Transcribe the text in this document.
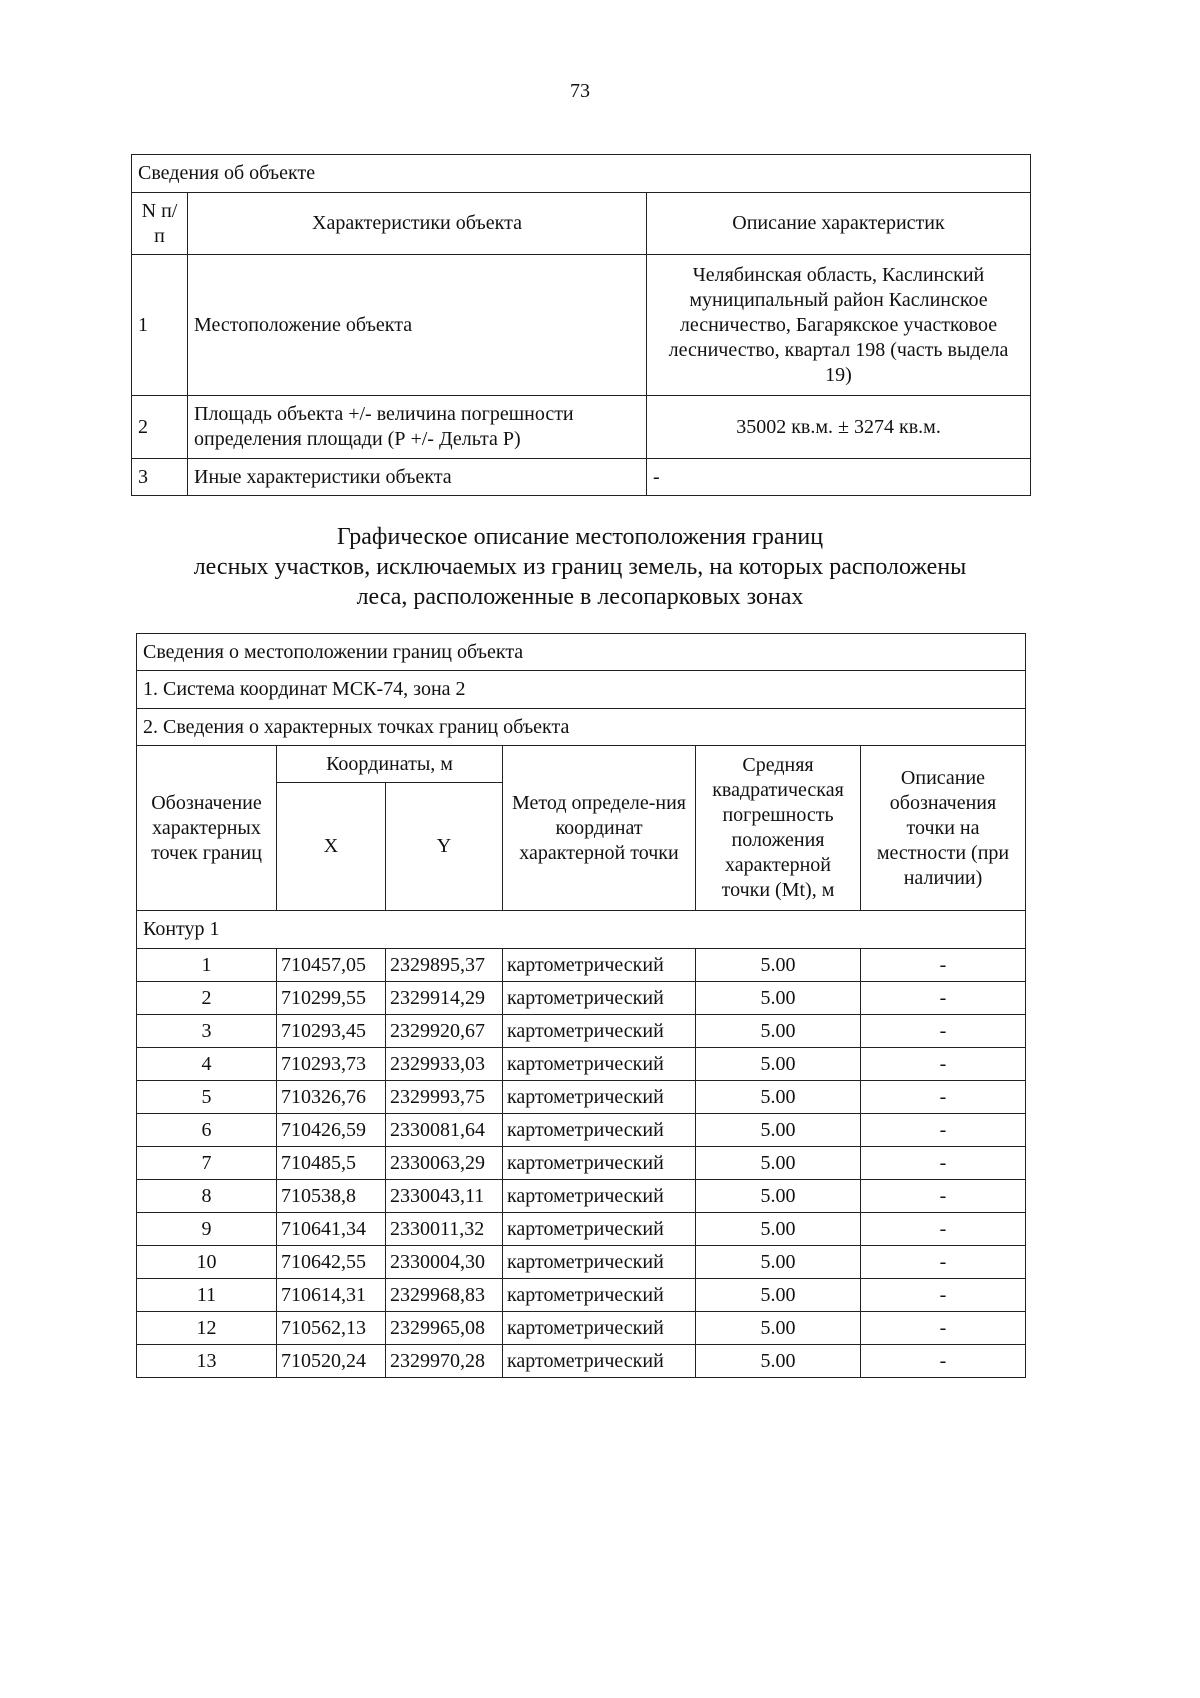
73
Сведения об объекте		
N п/п	Характеристики объекта	Описание характеристик
1	Местоположение объекта	Челябинская область, Каслинский муниципальный район Каслинское лесничество, Багарякское участковое лесничество, квартал 198 (часть выдела 19)
2	Площадь объекта +/- величина погрешности определения площади (Р +/- Дельта Р)	35002 кв.м. ± 3274 кв.м.
3	Иные характеристики объекта	-
Графическое описание местоположения границ
лесных участков, исключаемых из границ земель, на которых расположены
леса, расположенные в лесопарковых зонах
Сведения о местоположении границ объекта					
1. Система координат МСК-74, зона 2					
2. Сведения о характерных точках границ объекта					
Обозначение характерных точек границ	Координаты, м		Метод определе-ния координат характерной точки	Средняя квадратическая погрешность положения характерной точки (Mt), м	Описание обозначения точки на местности (при наличии)
	X	Y			
Контур 1					
1	710457,05	2329895,37	картометрический	5.00	-
2	710299,55	2329914,29	картометрический	5.00	-
3	710293,45	2329920,67	картометрический	5.00	-
4	710293,73	2329933,03	картометрический	5.00	-
5	710326,76	2329993,75	картометрический	5.00	-
6	710426,59	2330081,64	картометрический	5.00	-
7	710485,5	2330063,29	картометрический	5.00	-
8	710538,8	2330043,11	картометрический	5.00	-
9	710641,34	2330011,32	картометрический	5.00	-
10	710642,55	2330004,30	картометрический	5.00	-
11	710614,31	2329968,83	картометрический	5.00	-
12	710562,13	2329965,08	картометрический	5.00	-
13	710520,24	2329970,28	картометрический	5.00	-
